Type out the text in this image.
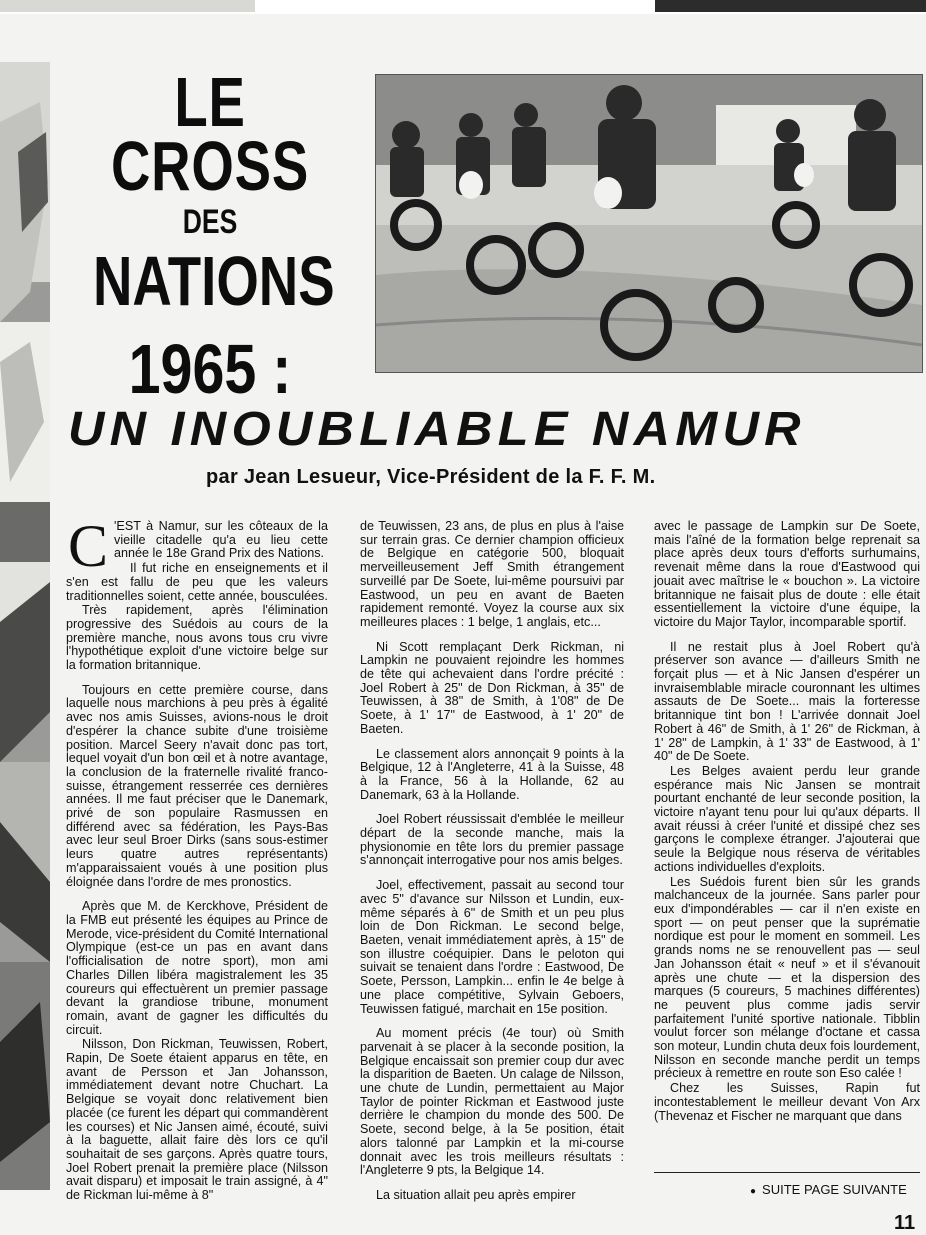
LE CROSS
DES
NATIONS
1965 :
UN INOUBLIABLE NAMUR
par Jean Lesueur, Vice-Président de la F. F. M.

C 'EST à Namur, sur les côteaux de la vieille citadelle qu'a eu lieu cette année le 18e Grand Prix des Nations.

Il fut riche en enseignements et il s'en est fallu de peu que les valeurs traditionnelles soient, cette année, bousculées.

Très rapidement, après l'élimination progressive des Suédois au cours de la première manche, nous avons tous cru vivre l'hypothétique exploit d'une victoire belge sur la formation britannique.

Toujours en cette première course, dans laquelle nous marchions à peu près à égalité avec nos amis Suisses, avions-nous le droit d'espérer la chance subite d'une troisième position. Marcel Seery n'avait donc pas tort, lequel voyait d'un bon œil et à notre avantage, la conclusion de la fraternelle rivalité franco-suisse, étrangement resserrée ces dernières années. Il me faut préciser que le Danemark, privé de son populaire Rasmussen en différend avec sa fédération, les Pays-Bas avec leur seul Broer Dirks (sans sous-estimer leurs quatre autres représentants) m'apparaissaient voués à une position plus éloignée dans l'ordre de mes pronostics.

Après que M. de Kerckhove, Président de la FMB eut présenté les équipes au Prince de Merode, vice-président du Comité International Olympique (est-ce un pas en avant dans l'officialisation de notre sport), mon ami Charles Dillen libéra magistralement les 35 coureurs qui effectuèrent un premier passage devant la grandiose tribune, monument romain, avant de gagner les difficultés du circuit.

Nilsson, Don Rickman, Teuwissen, Robert, Rapin, De Soete étaient apparus en tête, en avant de Persson et Jan Johansson, immédiatement devant notre Chuchart. La Belgique se voyait donc relativement bien placée (ce furent les départ qui commandèrent les courses) et Nic Jansen aimé, écouté, suivi à la baguette, allait faire dès lors ce qu'il souhaitait de ses garçons. Après quatre tours, Joel Robert prenait la première place (Nilsson avait disparu) et imposait le train assigné, à 4" de Rickman lui-même à 8"

de Teuwissen, 23 ans, de plus en plus à l'aise sur terrain gras. Ce dernier champion officieux de Belgique en catégorie 500, bloquait merveilleusement Jeff Smith étrangement surveillé par De Soete, lui-même poursuivi par Eastwood, un peu en avant de Baeten rapidement remonté. Voyez la course aux six meilleures places : 1 belge, 1 anglais, etc...

Ni Scott remplaçant Derk Rickman, ni Lampkin ne pouvaient rejoindre les hommes de tête qui achevaient dans l'ordre précité : Joel Robert à 25" de Don Rickman, à 35" de Teuwissen, à 38" de Smith, à 1'08" de De Soete, à 1' 17" de Eastwood, à 1' 20" de Baeten.

Le classement alors annonçait 9 points à la Belgique, 12 à l'Angleterre, 41 à la Suisse, 48 à la France, 56 à la Hollande, 62 au Danemark, 63 à la Hollande.

Joel Robert réussissait d'emblée le meilleur départ de la seconde manche, mais la physionomie en tête lors du premier passage s'annonçait interrogative pour nos amis belges.

Joel, effectivement, passait au second tour avec 5" d'avance sur Nilsson et Lundin, eux-même séparés à 6" de Smith et un peu plus loin de Don Rickman. Le second belge, Baeten, venait immédiatement après, à 15" de son illustre coéquipier. Dans le peloton qui suivait se tenaient dans l'ordre : Eastwood, De Soete, Persson, Lampkin... enfin le 4e belge à une place compétitive, Sylvain Geboers, Teuwissen fatigué, marchait en 15e position.

Au moment précis (4e tour) où Smith parvenait à se placer à la seconde position, la Belgique encaissait son premier coup dur avec la disparition de Baeten. Un calage de Nilsson, une chute de Lundin, permettaient au Major Taylor de pointer Rickman et Eastwood juste derrière le champion du monde des 500. De Soete, second belge, à la 5e position, était alors talonné par Lampkin et la mi-course donnait avec les trois meilleurs résultats : l'Angleterre 9 pts, la Belgique 14.

La situation allait peu après empirer

avec le passage de Lampkin sur De Soete, mais l'aîné de la formation belge reprenait sa place après deux tours d'efforts surhumains, revenait même dans la roue d'Eastwood qui jouait avec maîtrise le « bouchon ». La victoire britannique ne faisait plus de doute : elle était essentiellement la victoire d'une équipe, la victoire du Major Taylor, incomparable sportif.

Il ne restait plus à Joel Robert qu'à préserver son avance — d'ailleurs Smith ne forçait plus — et à Nic Jansen d'espérer un invraisemblable miracle couronnant les ultimes assauts de De Soete... mais la forteresse britannique tint bon ! L'arrivée donnait Joel Robert à 46" de Smith, à 1' 26" de Rickman, à 1' 28" de Lampkin, à 1' 33" de Eastwood, à 1' 40" de De Soete.

Les Belges avaient perdu leur grande espérance mais Nic Jansen se montrait pourtant enchanté de leur seconde position, la victoire n'ayant tenu pour lui qu'aux départs. Il avait réussi à créer l'unité et dissipé chez ses garçons le complexe étranger. J'ajouterai que seule la Belgique nous réserva de véritables actions individuelles d'exploits.

Les Suédois furent bien sûr les grands malchanceux de la journée. Sans parler pour eux d'impondérables — car il n'en existe en sport — on peut penser que la suprématie nordique est pour le moment en sommeil. Les grands noms ne se renouvellent pas — seul Jan Johansson était « neuf » et il s'évanouit après une chute — et la dispersion des marques (5 coureurs, 5 machines différentes) ne peuvent plus comme jadis servir parfaitement l'unité sportive nationale. Tibblin voulut forcer son mélange d'octane et cassa son moteur, Lundin chuta deux fois lourdement, Nilsson en seconde manche perdit un temps précieux à remettre en route son Eso calée !

Chez les Suisses, Rapin fut incontestablement le meilleur devant Von Arx (Thevenaz et Fischer ne marquant que dans

● SUITE PAGE SUIVANTE
11
